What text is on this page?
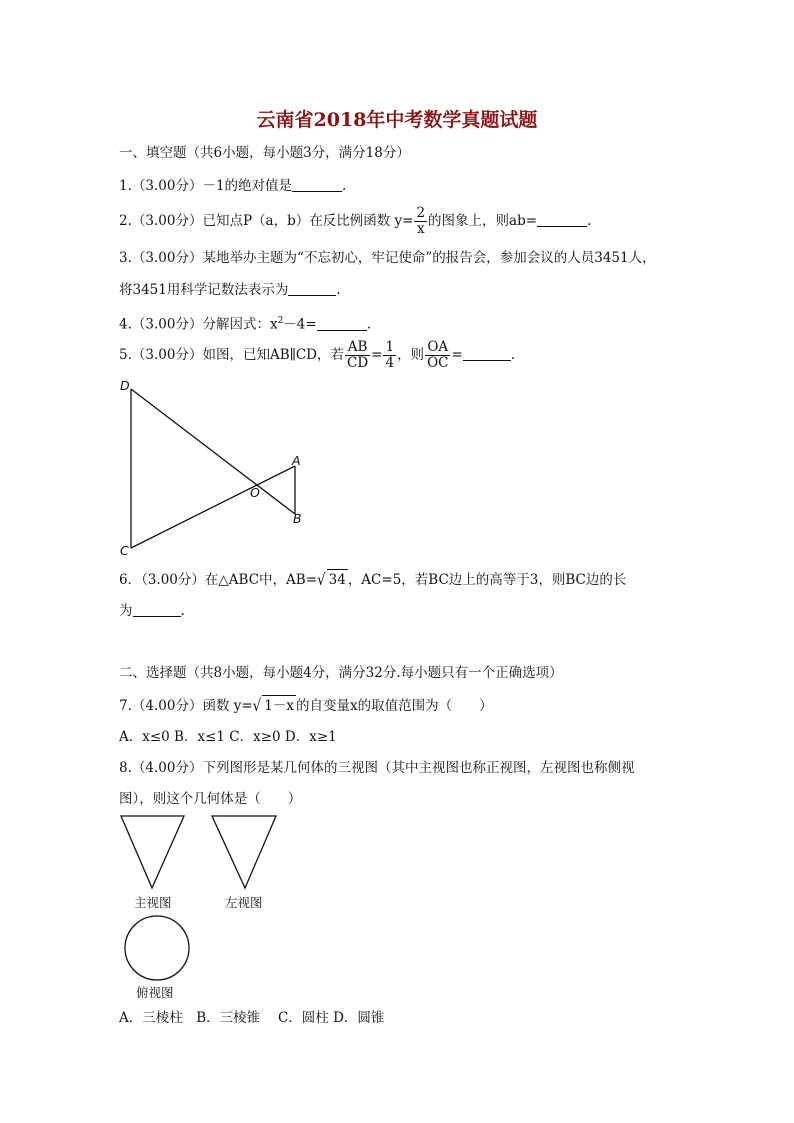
云南省2018年中考数学真题试题
一、填空题（共6小题，每小题3分，满分18分）
1.（3.00分）－1的绝对值是	.
2.（3.00分）已知点P（a，b）在反比例函数 $y= \frac{2}{x}$ 的图象上，则ab=	.
3.（3.00分）某地举办主题为“不忘初心，牢记使命”的报告会，参加会议的人员3451人，
将3451用科学记数法表示为	.
4.（3.00分）分解因式：$x^2-4=$	.
5.（3.00分）如图，已知AB∥CD，若 $\frac{AB}{CD} = \frac{1}{4}$ ，则 $\frac{OA}{OC}$ =	.
D
A
O
B
C
6．（3.00分）在△ABC中，AB=√ 34 ，AC=5，若BC边上的高等于3，则BC边的长
为	.
二、选择题（共8小题，每小题4分，满分32分.每小题只有一个正确选项）
7.（4.00分）函数 y=√ 1－x 的自变量x的取值范围为（　　）
A．x≤0 B．x≤1 C．x≥0 D．x≥1
8.（4.00分）下列图形是某几何体的三视图（其中主视图也称正视图，左视图也称侧视
图），则这个几何体是（　　）
主视图	左视图
俯视图
A．三棱柱　B．三棱锥　 C．圆柱 D．圆锥
